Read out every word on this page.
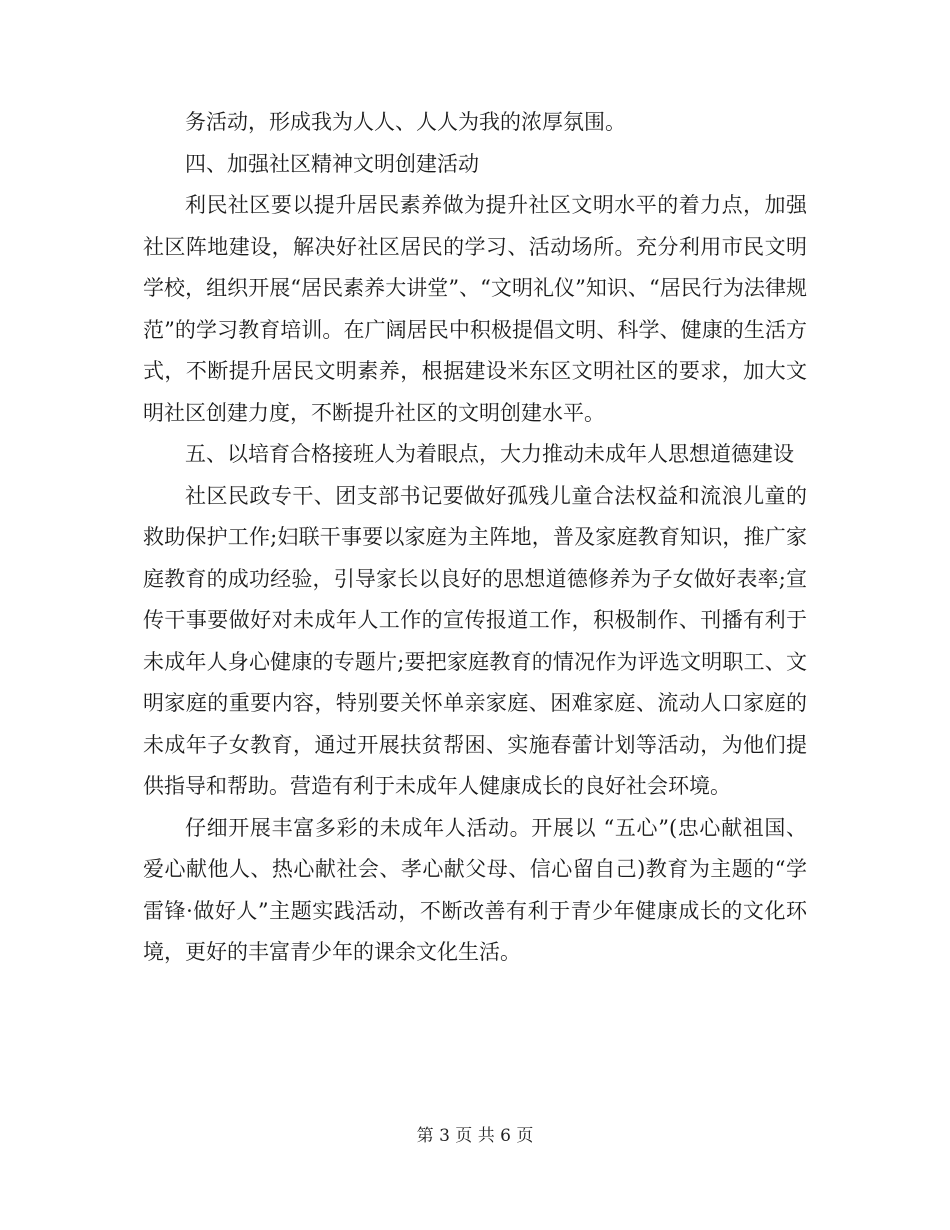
务活动，形成我为人人、人人为我的浓厚氛围。

四、加强社区精神文明创建活动

利民社区要以提升居民素养做为提升社区文明水平的着力点，加强社区阵地建设，解决好社区居民的学习、活动场所。充分利用市民文明学校，组织开展“居民素养大讲堂”、“文明礼仪”知识、“居民行为法律规范”的学习教育培训。在广阔居民中积极提倡文明、科学、健康的生活方式，不断提升居民文明素养，根据建设米东区文明社区的要求，加大文明社区创建力度，不断提升社区的文明创建水平。

五、以培育合格接班人为着眼点，大力推动未成年人思想道德建设

社区民政专干、团支部书记要做好孤残儿童合法权益和流浪儿童的救助保护工作;妇联干事要以家庭为主阵地，普及家庭教育知识，推广家庭教育的成功经验，引导家长以良好的思想道德修养为子女做好表率;宣传干事要做好对未成年人工作的宣传报道工作，积极制作、刊播有利于未成年人身心健康的专题片;要把家庭教育的情况作为评选文明职工、文明家庭的重要内容，特别要关怀单亲家庭、困难家庭、流动人口家庭的未成年子女教育，通过开展扶贫帮困、实施春蕾计划等活动，为他们提供指导和帮助。营造有利于未成年人健康成长的良好社会环境。

仔细开展丰富多彩的未成年人活动。开展以 “五心”(忠心献祖国、爱心献他人、热心献社会、孝心献父母、信心留自己)教育为主题的“学雷锋·做好人”主题实践活动，不断改善有利于青少年健康成长的文化环境，更好的丰富青少年的课余文化生活。

第 3 页 共 6 页
